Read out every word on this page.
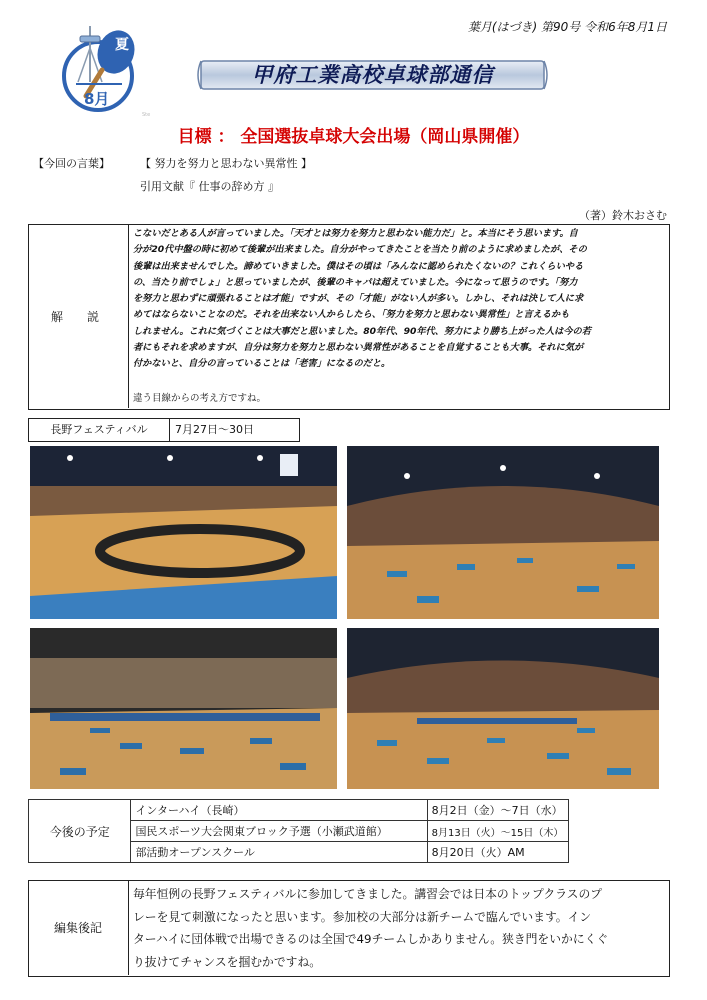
葉月(はづき) 第90号 令和6年8月1日
夏
8月
Ste
甲府工業高校卓球部通信
目標 ： 全国選抜卓球大会出場（岡山県開催）
【今回の言葉】	【 努力を努力と思わない異常性 】
引用文献『 仕事の辞め方 』
（著）鈴木おさむ
解　説
こないだとある人が言っていました。「天才とは努力を努力と思わない能力だ」と。本当にそう思います。自
分が20代中盤の時に初めて後輩が出来ました。自分がやってきたことを当たり前のように求めましたが、その
後輩は出来ませんでした。諦めていきました。僕はその頃は「みんなに認められたくないの？これくらいやる
の、当たり前でしょ」と思っていましたが、後輩のキャパは超えていました。今になって思うのです。「努力
を努力と思わずに頑張れることは才能」ですが、その「才能」がない人が多い。しかし、それは決して人に求
めてはならないことなのだ。それを出来ない人からしたら、「努力を努力と思わない異常性」と言えるかも
しれません。これに気づくことは大事だと思いました。80年代、90年代、努力により勝ち上がった人は今の若
者にもそれを求めますが、自分は努力を努力と思わない異常性があることを自覚することも大事。それに気が
付かないと、自分の言っていることは「老害」になるのだと。
違う目線からの考え方ですね。
長野フェスティバル	7月27日〜30日
今後の予定	インターハイ（長崎）	8月2日（金）〜7日（水）	
	国民スポーツ大会関東ブロック予選（小瀬武道館）	8月13日（火）〜15日（木）	
	部活動オープンスクール	8月20日（火）AM	
編集後記
毎年恒例の長野フェスティバルに参加してきました。講習会では日本のトップクラスのプ
レーを見て刺激になったと思います。参加校の大部分は新チームで臨んでいます。イン
ターハイに団体戦で出場できるのは全国で49チームしかありません。狭き門をいかにくぐ
り抜けてチャンスを掴むかですね。
